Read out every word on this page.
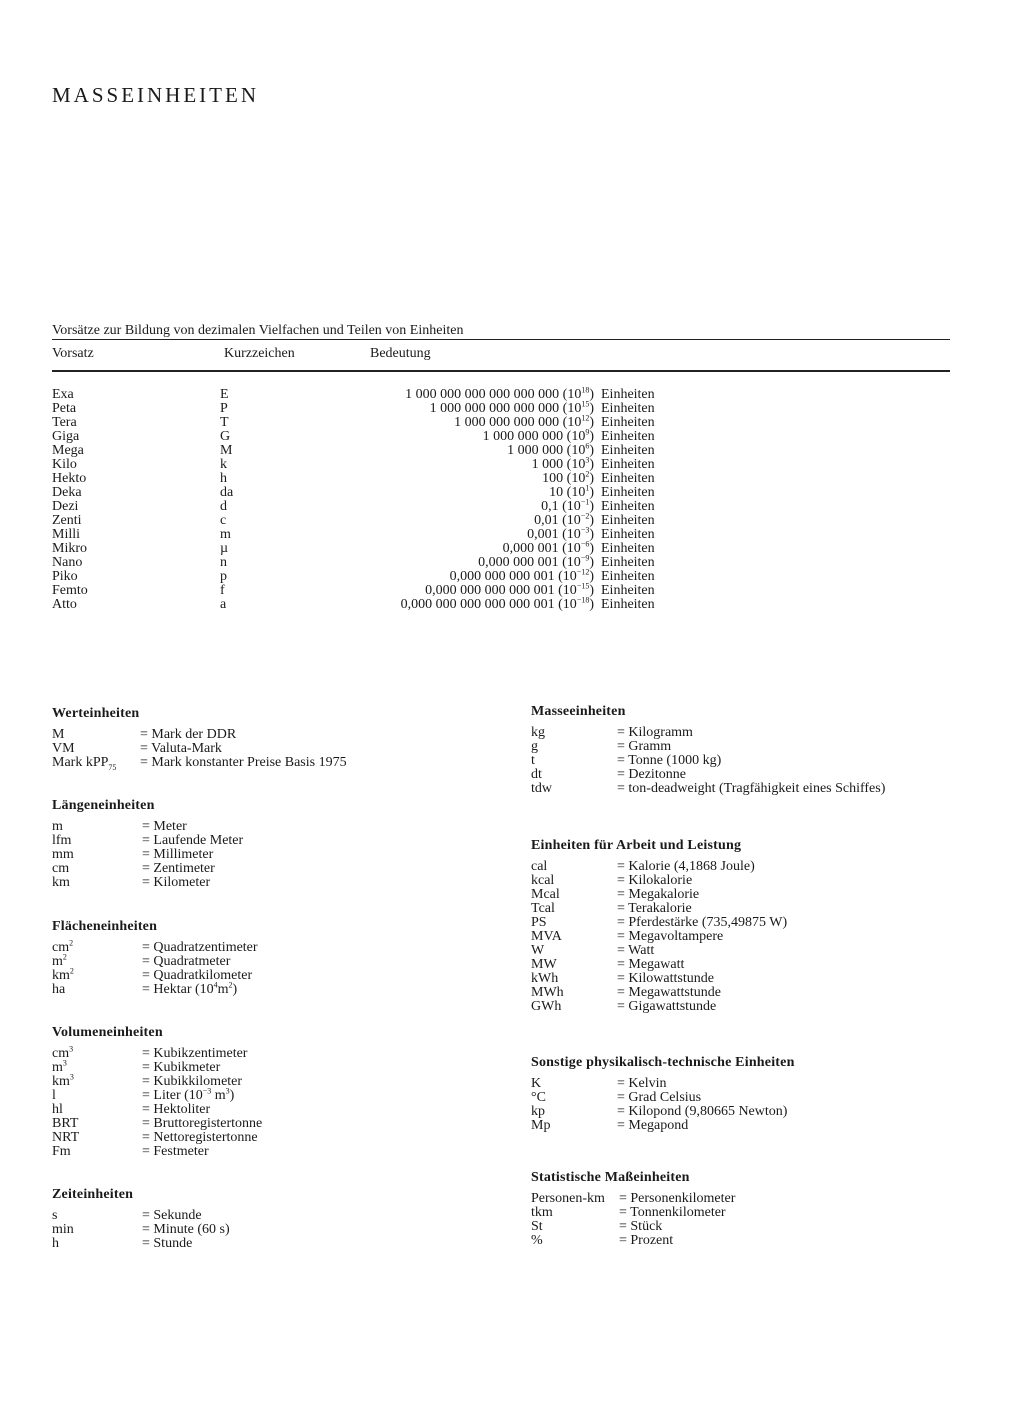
MASSEINHEITEN

Vorsätze zur Bildung von dezimalen Vielfachen und Teilen von Einheiten

Vorsatz	Kurzzeichen	Bedeutung
Exa	E	1 000 000 000 000 000 000 $(10^{18})$ Einheiten
Peta	P	1 000 000 000 000 000 $(10^{15})$ Einheiten
Tera	T	1 000 000 000 000 $(10^{12})$ Einheiten
Giga	G	1 000 000 000 $(10^9)$ Einheiten
Mega	M	1 000 000 $(10^6)$ Einheiten
Kilo	k	1 000 $(10^3)$ Einheiten
Hekto	h	100 $(10^2)$ Einheiten
Deka	da	10 $(10^1)$ Einheiten
Dezi	d	0,1 $(10^{-1})$ Einheiten
Zenti	c	0,01 $(10^{-2})$ Einheiten
Milli	m	0,001 $(10^{-3})$ Einheiten
Mikro	µ	0,000 001 $(10^{-6})$ Einheiten
Nano	n	0,000 000 001 $(10^{-9})$ Einheiten
Piko	p	0,000 000 000 001 $(10^{-12})$ Einheiten
Femto	f	0,000 000 000 000 001 $(10^{-15})$ Einheiten
Atto	a	0,000 000 000 000 000 001 $(10^{-18})$ Einheiten
Werteinheiten
M	= Mark der DDR
VM	= Valuta-Mark
Mark kPP$_{75}$ = Mark konstanter Preise Basis 1975
Längeneinheiten
m	= Meter
lfm	= Laufende Meter
mm	= Millimeter
cm	= Zentimeter
km	= Kilometer
Flächeneinheiten
$cm^2$	= Quadratzentimeter
$m^2$	= Quadratmeter
$km^2$	= Quadratkilometer
ha	= Hektar $(10^4m^2)$
Volumeneinheiten
$cm^3$	= Kubikzentimeter
$m^3$	= Kubikmeter
$km^3$	= Kubikkilometer
l	= Liter ($10^{-3}$ $m^3$)
hl	= Hektoliter
BRT	= Bruttoregistertonne
NRT	= Nettoregistertonne
Fm	= Festmeter
Zeiteinheiten
s	= Sekunde
min	= Minute (60 s)
h	= Stunde
Masseeinheiten
kg	= Kilogramm
g	= Gramm
t	= Tonne (1000 kg)
dt	= Dezitonne
tdw	= ton-deadweight (Tragfähigkeit eines Schiffes)
Einheiten für Arbeit und Leistung
cal	= Kalorie (4,1868 Joule)
kcal	= Kilokalorie
Mcal	= Megakalorie
Tcal	= Terakalorie
PS	= Pferdestärke (735,49875 W)
MVA	= Megavoltampere
W	= Watt
MW	= Megawatt
kWh	= Kilowattstunde
MWh	= Megawattstunde
GWh	= Gigawattstunde
Sonstige physikalisch-technische Einheiten
K	= Kelvin
°C	= Grad Celsius
kp	= Kilopond (9,80665 Newton)
Mp	= Megapond
Statistische Maßeinheiten
Personen-km = Personenkilometer
tkm	= Tonnenkilometer
St	= Stück
%	= Prozent
